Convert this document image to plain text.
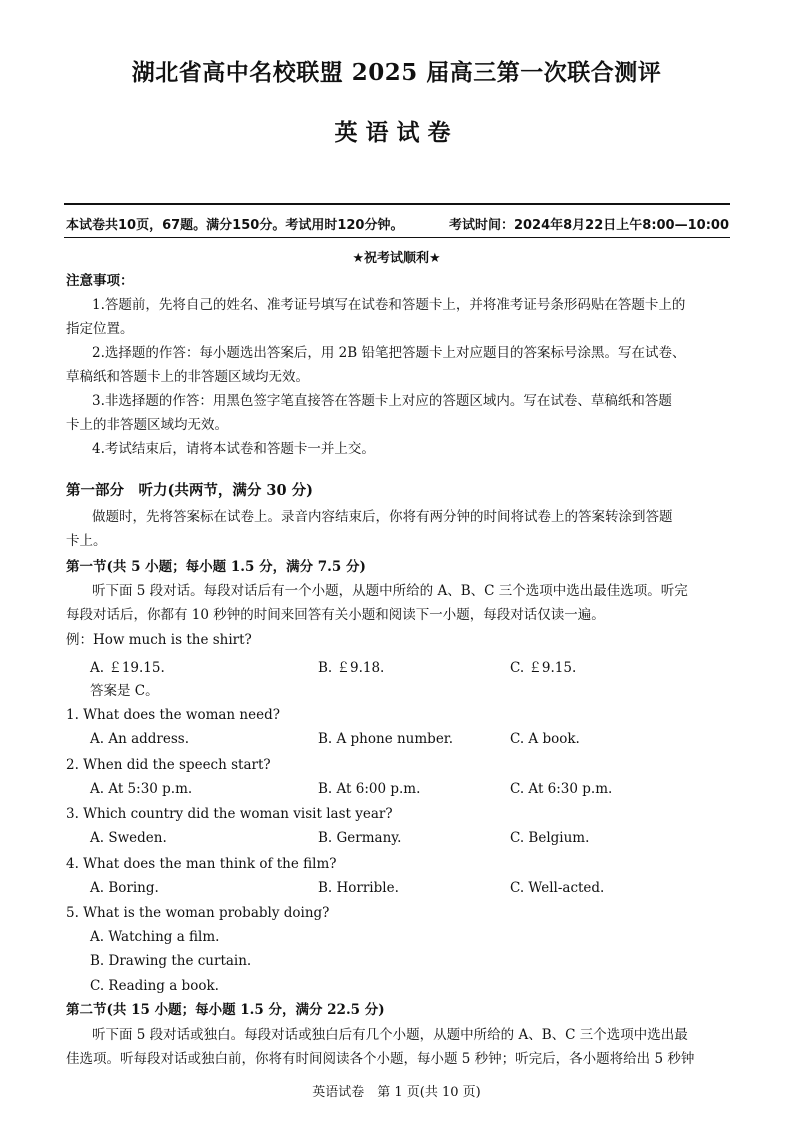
湖北省高中名校联盟 2025 届高三第一次联合测评
英语试卷
本试卷共10页，67题。满分150分。考试用时120分钟。	考试时间：2024年8月22日上午8:00—10:00
★祝考试顺利★
注意事项：
1.答题前，先将自己的姓名、准考证号填写在试卷和答题卡上，并将准考证号条形码贴在答题卡上的
指定位置。
2.选择题的作答：每小题选出答案后，用 2B 铅笔把答题卡上对应题目的答案标号涂黑。写在试卷、
草稿纸和答题卡上的非答题区域均无效。
3.非选择题的作答：用黑色签字笔直接答在答题卡上对应的答题区域内。写在试卷、草稿纸和答题
卡上的非答题区域均无效。
4.考试结束后，请将本试卷和答题卡一并上交。
第一部分　听力(共两节，满分 30 分)
做题时，先将答案标在试卷上。录音内容结束后，你将有两分钟的时间将试卷上的答案转涂到答题
卡上。
第一节(共 5 小题；每小题 1.5 分，满分 7.5 分)
听下面 5 段对话。每段对话后有一个小题，从题中所给的 A、B、C 三个选项中选出最佳选项。听完
每段对话后，你都有 10 秒钟的时间来回答有关小题和阅读下一小题，每段对话仅读一遍。
例：How much is the shirt?
A. ￡19.15.	B. ￡9.18.	C. ￡9.15.
答案是 C。
1. What does the woman need?
A. An address.	B. A phone number.	C. A book.
2. When did the speech start?
A. At 5:30 p.m.	B. At 6:00 p.m.	C. At 6:30 p.m.
3. Which country did the woman visit last year?
A. Sweden.	B. Germany.	C. Belgium.
4. What does the man think of the film?
A. Boring.	B. Horrible.	C. Well-acted.
5. What is the woman probably doing?
A. Watching a film.
B. Drawing the curtain.
C. Reading a book.
第二节(共 15 小题；每小题 1.5 分，满分 22.5 分)
听下面 5 段对话或独白。每段对话或独白后有几个小题，从题中所给的 A、B、C 三个选项中选出最
佳选项。听每段对话或独白前，你将有时间阅读各个小题，每小题 5 秒钟；听完后，各小题将给出 5 秒钟
英语试卷　第 1 页(共 10 页)
